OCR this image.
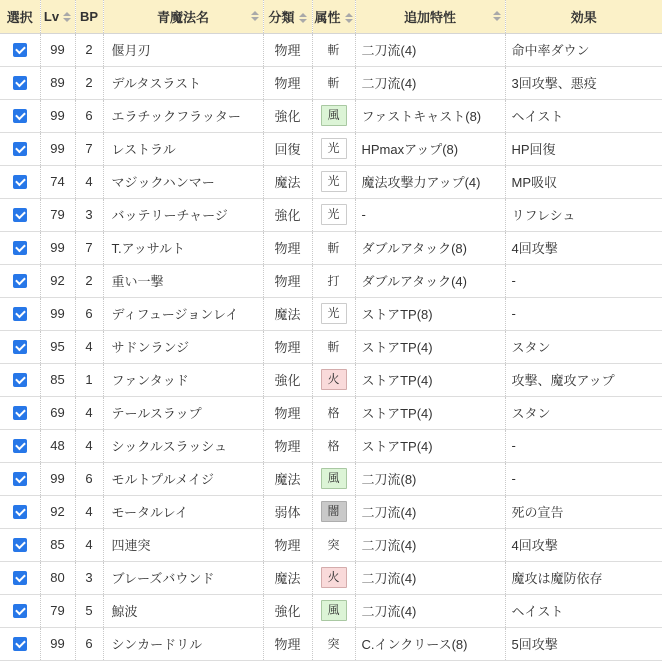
選択	Lv	BP	青魔法名	分類	属性	追加特性	効果
	99	2	偃月刃	物理	斬	二刀流(4)	命中率ダウン
	89	2	デルタスラスト	物理	斬	二刀流(4)	3回攻撃、悪疫
	99	6	エラチックフラッター	強化	風	ファストキャスト(8)	ヘイスト
	99	7	レストラル	回復	光	HPmaxアップ(8)	HP回復
	74	4	マジックハンマー	魔法	光	魔法攻撃力アップ(4)	MP吸収
	79	3	バッテリーチャージ	強化	光	-	リフレシュ
	99	7	T.アッサルト	物理	斬	ダブルアタック(8)	4回攻撃
	92	2	重い一撃	物理	打	ダブルアタック(4)	-
	99	6	ディフュージョンレイ	魔法	光	ストアTP(8)	-
	95	4	サドンランジ	物理	斬	ストアTP(4)	スタン
	85	1	ファンタッド	強化	火	ストアTP(4)	攻撃、魔攻アップ
	69	4	テールスラップ	物理	格	ストアTP(4)	スタン
	48	4	シックルスラッシュ	物理	格	ストアTP(4)	-
	99	6	モルトプルメイジ	魔法	風	二刀流(8)	-
	92	4	モータルレイ	弱体	闇	二刀流(4)	死の宣告
	85	4	四連突	物理	突	二刀流(4)	4回攻撃
	80	3	ブレーズバウンド	魔法	火	二刀流(4)	魔攻は魔防依存
	79	5	鯨波	強化	風	二刀流(4)	ヘイスト
	99	6	シンカードリル	物理	突	C.インクリース(8)	5回攻撃
